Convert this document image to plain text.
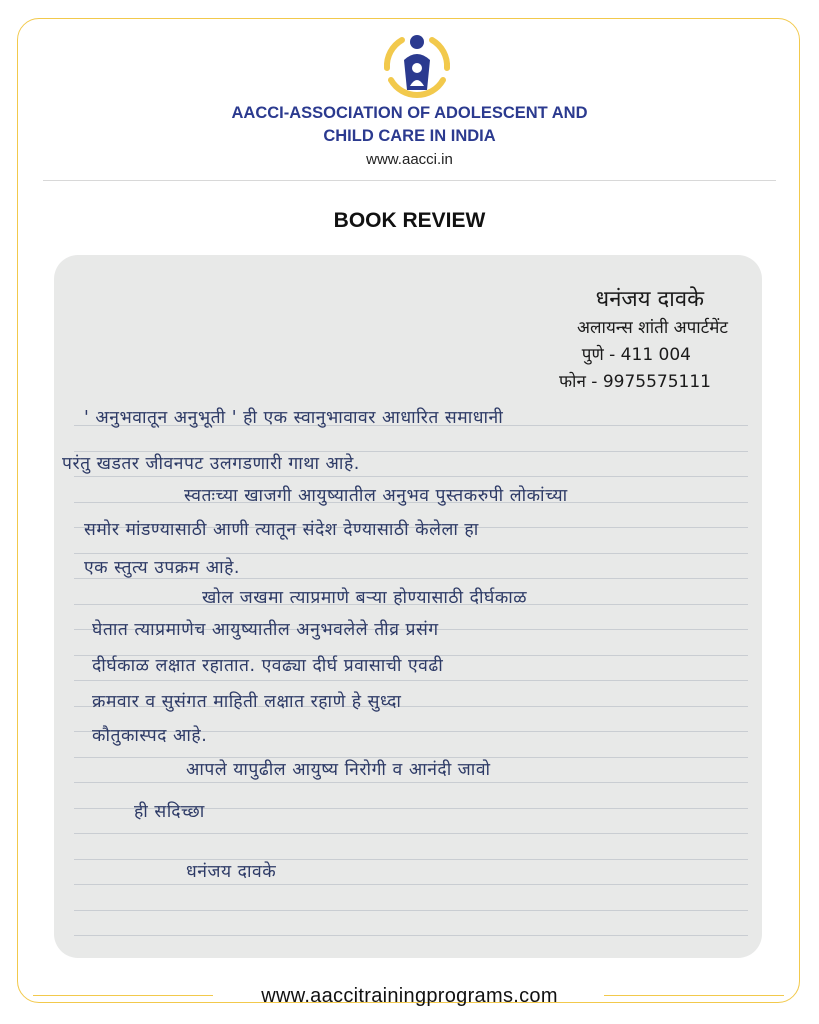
AACCI-ASSOCIATION OF ADOLESCENT AND
CHILD CARE IN INDIA
www.aacci.in
BOOK REVIEW
धनंजय दावके
अलायन्स शांती अपार्टमेंट
पुणे - 411 004
फोन - 9975575111
' अनुभवातून अनुभूती ' ही एक स्वानुभावावर आधारित समाधानी
परंतु खडतर जीवनपट उलगडणारी गाथा आहे.
स्वतःच्या खाजगी आयुष्यातील अनुभव पुस्तकरुपी लोकांच्या
समोर मांडण्यासाठी आणी त्यातून संदेश देण्यासाठी केलेला हा
एक स्तुत्य उपक्रम आहे.
खोल जखमा त्याप्रमाणे बऱ्या होण्यासाठी दीर्घकाळ
घेतात त्याप्रमाणेच आयुष्यातील अनुभवलेले तीव्र प्रसंग
दीर्घकाळ लक्षात रहातात. एवढ्या दीर्घ प्रवासाची एवढी
क्रमवार व सुसंगत माहिती लक्षात रहाणे हे सुध्दा
कौतुकास्पद आहे.
आपले यापुढील आयुष्य निरोगी व आनंदी जावो
ही सदिच्छा
धनंजय दावके
www.aaccitrainingprograms.com
